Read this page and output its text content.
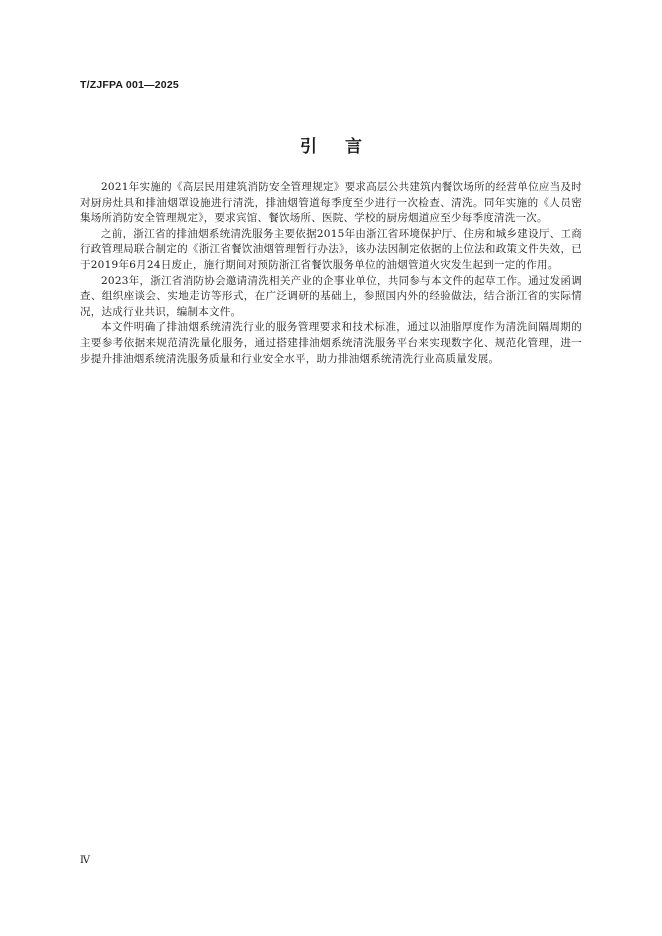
T/ZJFPA 001—2025
引言

2021年实施的《高层民用建筑消防安全管理规定》要求高层公共建筑内餐饮场所的经营单位应当及时对厨房灶具和排油烟罩设施进行清洗，排油烟管道每季度至少进行一次检查、清洗。同年实施的《人员密集场所消防安全管理规定》，要求宾馆、餐饮场所、医院、学校的厨房烟道应至少每季度清洗一次。

之前，浙江省的排油烟系统清洗服务主要依据2015年由浙江省环境保护厅、住房和城乡建设厅、工商行政管理局联合制定的《浙江省餐饮油烟管理暂行办法》，该办法因制定依据的上位法和政策文件失效，已于2019年6月24日废止，施行期间对预防浙江省餐饮服务单位的油烟管道火灾发生起到一定的作用。

2023年，浙江省消防协会邀请清洗相关产业的企事业单位，共同参与本文件的起草工作。通过发函调查、组织座谈会、实地走访等形式，在广泛调研的基础上，参照国内外的经验做法，结合浙江省的实际情况，达成行业共识，编制本文件。

本文件明确了排油烟系统清洗行业的服务管理要求和技术标准，通过以油脂厚度作为清洗间隔周期的主要参考依据来规范清洗量化服务，通过搭建排油烟系统清洗服务平台来实现数字化、规范化管理，进一步提升排油烟系统清洗服务质量和行业安全水平，助力排油烟系统清洗行业高质量发展。

Ⅳ
